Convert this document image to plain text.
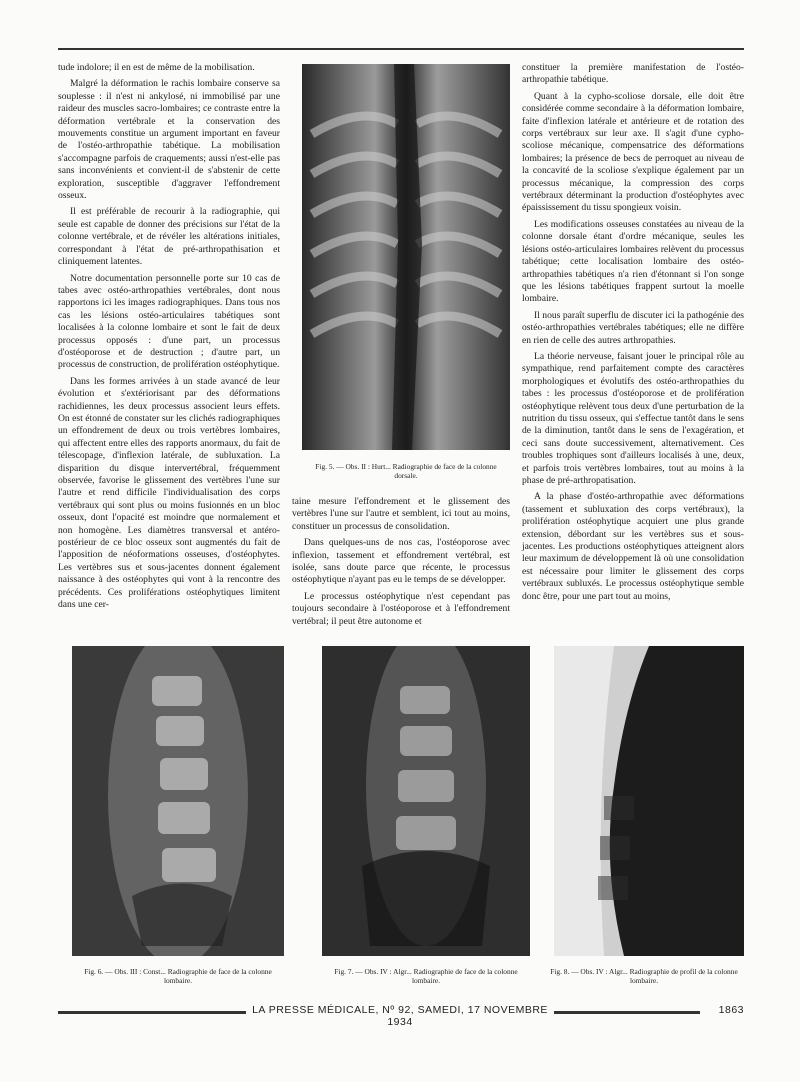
tude indolore; il en est de même de la mobilisation.

Malgré la déformation le rachis lombaire conserve sa souplesse : il n'est ni ankylosé, ni immobilisé par une raideur des muscles sacro-lombaires; ce contraste entre la déformation vertébrale et la conservation des mouvements constitue un argument important en faveur de l'ostéo-arthropathie tabétique. La mobilisation s'accompagne parfois de craquements; aussi n'est-elle pas sans inconvénients et convient-il de s'abstenir de cette exploration, susceptible d'aggraver l'effondrement osseux.

Il est préférable de recourir à la radiographie, qui seule est capable de donner des précisions sur l'état de la colonne vertébrale, et de révéler les altérations initiales, correspondant à l'état de pré-arthropathisation et cliniquement latentes.

Notre documentation personnelle porte sur 10 cas de tabes avec ostéo-arthropathies vertébrales, dont nous rapportons ici les images radiographiques. Dans tous nos cas les lésions ostéo-articulaires tabétiques sont localisées à la colonne lombaire et sont le fait de deux processus opposés : d'une part, un processus d'ostéoporose et de destruction ; d'autre part, un processus de construction, de prolifération ostéophytique.

Dans les formes arrivées à un stade avancé de leur évolution et s'extériorisant par des déformations rachidiennes, les deux processus associent leurs effets. On est étonné de constater sur les clichés radiographiques un effondrement de deux ou trois vertèbres lombaires, qui affectent entre elles des rapports anormaux, du fait de télescopage, d'inflexion latérale, de subluxation. La disparition du disque intervertébral, fréquemment observée, favorise le glissement des vertèbres l'une sur l'autre et rend difficile l'individualisation des corps vertébraux qui sont plus ou moins fusionnés en un bloc osseux, dont l'opacité est moindre que normalement et non homogène. Les diamètres transversal et antéro-postérieur de ce bloc osseux sont augmentés du fait de l'apposition de néoformations osseuses, d'ostéophytes. Les vertèbres sus et sous-jacentes donnent également naissance à des ostéophytes qui vont à la rencontre des précédents. Ces proliférations ostéophytiques limitent dans une cer-

Fig. 5. — Obs. II : Hurt... Radiographie de face de la colonne dorsale.

taine mesure l'effondrement et le glissement des vertèbres l'une sur l'autre et semblent, ici tout au moins, constituer un processus de consolidation.

Dans quelques-uns de nos cas, l'ostéoporose avec inflexion, tassement et effondrement vertébral, est isolée, sans doute parce que récente, le processus ostéophytique n'ayant pas eu le temps de se développer.

Le processus ostéophytique n'est cependant pas toujours secondaire à l'ostéoporose et à l'effondrement vertébral; il peut être autonome et

constituer la première manifestation de l'ostéo-arthropathie tabétique.

Quant à la cypho-scoliose dorsale, elle doit être considérée comme secondaire à la déformation lombaire, faite d'inflexion latérale et antérieure et de rotation des corps vertébraux sur leur axe. Il s'agit d'une cypho-scoliose mécanique, compensatrice des déformations lombaires; la présence de becs de perroquet au niveau de la concavité de la scoliose s'explique également par un processus mécanique, la compression des corps vertébraux déterminant la production d'ostéophytes avec épaississement du tissu spongieux voisin.

Les modifications osseuses constatées au niveau de la colonne dorsale étant d'ordre mécanique, seules les lésions ostéo-articulaires lombaires relèvent du processus tabétique; cette localisation lombaire des ostéo-arthropathies tabétiques n'a rien d'étonnant si l'on songe que les lésions tabétiques frappent surtout la moelle lombaire.

Il nous paraît superflu de discuter ici la pathogénie des ostéo-arthropathies vertébrales tabétiques; elle ne diffère en rien de celle des autres arthropathies.

La théorie nerveuse, faisant jouer le principal rôle au sympathique, rend parfaitement compte des caractères morphologiques et évolutifs des ostéo-arthropathies du tabes : les processus d'ostéoporose et de prolifération ostéophytique relèvent tous deux d'une perturbation de la nutrition du tissu osseux, qui s'effectue tantôt dans le sens de la diminution, tantôt dans le sens de l'exagération, et ceci sans doute successivement, alternativement. Ces troubles trophiques sont d'ailleurs localisés à une, deux, et parfois trois vertèbres lombaires, tout au moins à la phase de pré-arthropatisation.

A la phase d'ostéo-arthropathie avec déformations (tassement et subluxation des corps vertébraux), la prolifération ostéophytique acquiert une plus grande extension, débordant sur les vertèbres sus et sous-jacentes. Les productions ostéophytiques atteignent alors leur maximum de développement là où une consolidation est nécessaire pour limiter le glissement des corps vertébraux subluxés. Le processus ostéophytique semble donc être, pour une part tout au moins,

Fig. 6. — Obs. III : Const... Radiographie de face de la colonne lombaire.
Fig. 7. — Obs. IV : Algr... Radiographie de face de la colonne lombaire.
Fig. 8. — Obs. IV : Algr... Radiographie de profil de la colonne lombaire.
LA PRESSE MÉDICALE, Nº 92, SAMEDI, 17 NOVEMBRE 1934
1863
